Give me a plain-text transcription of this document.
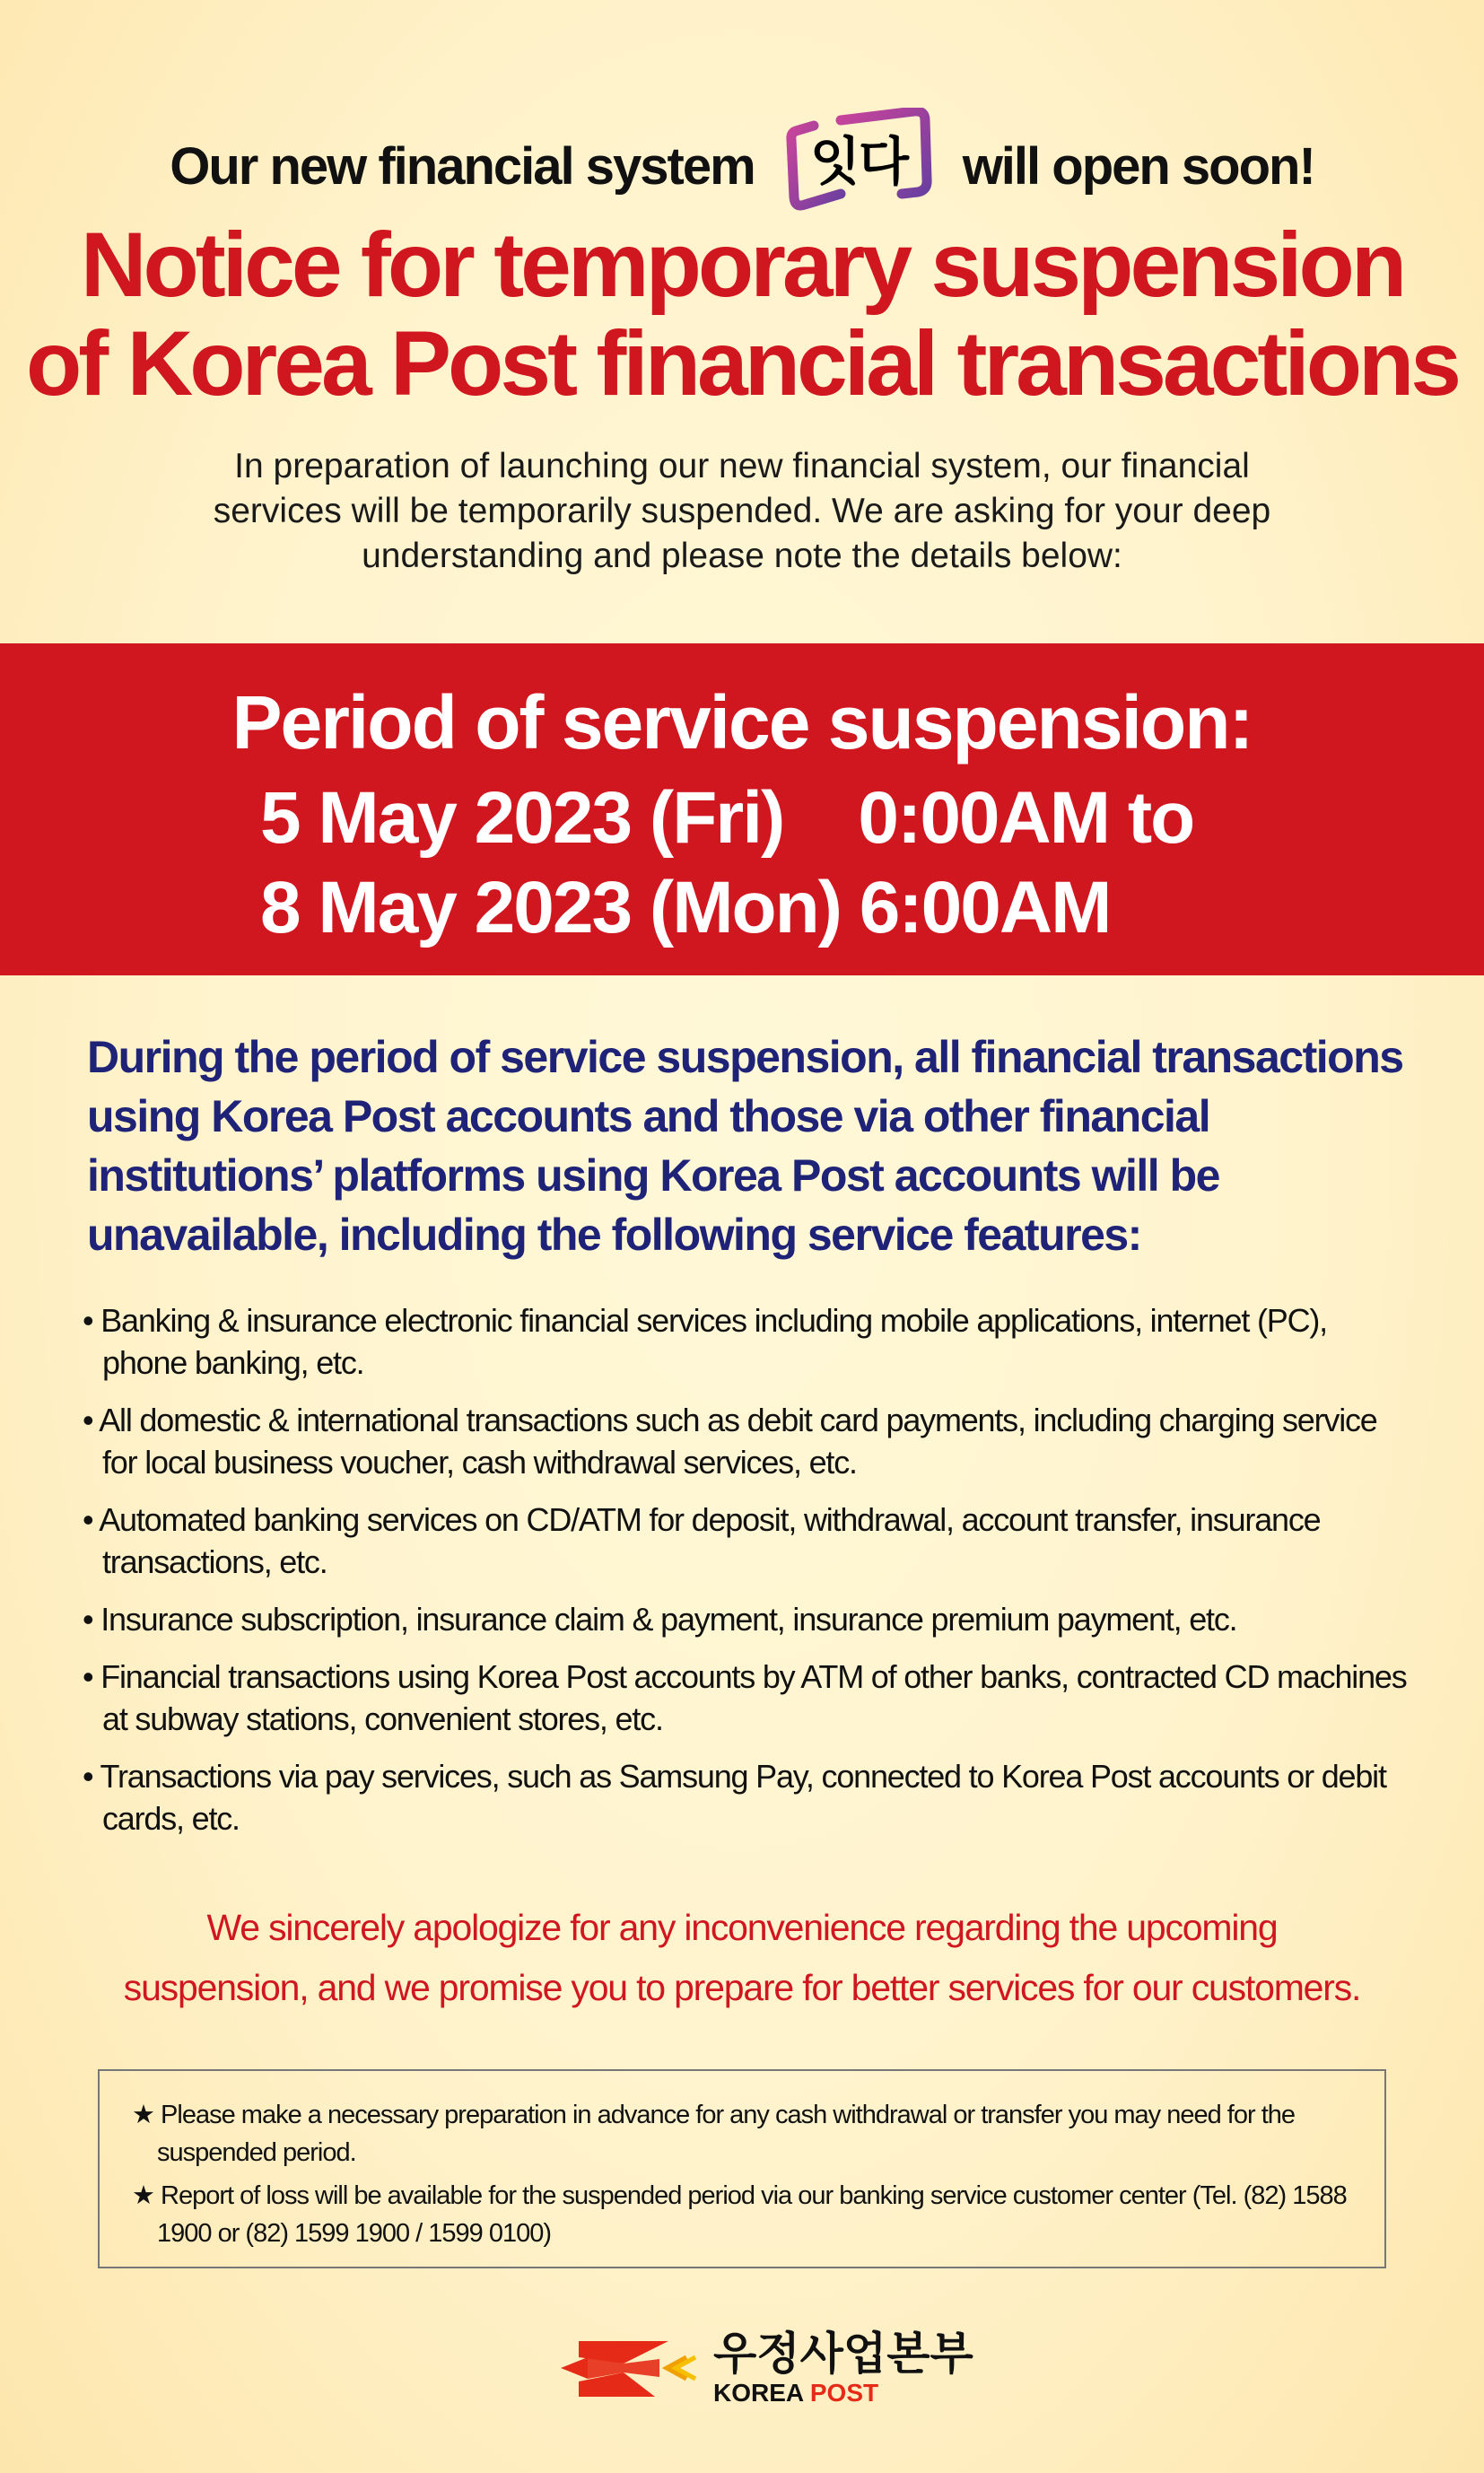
Our new financial system 잇다 will open soon!
Notice for temporary suspension
of Korea Post financial transactions
In preparation of launching our new financial system, our financial
services will be temporarily suspended. We are asking for your deep
understanding and please note the details below:
Period of service suspension:
5 May 2023 (Fri)    0:00AM to
8 May 2023 (Mon) 6:00AM
During the period of service suspension, all financial transactions using Korea Post accounts and those via other financial institutions’ platforms using Korea Post accounts will be unavailable, including the following service features:
• Banking & insurance electronic financial services including mobile applications, internet (PC), phone banking, etc.
• All domestic & international transactions such as debit card payments, including charging service for local business voucher, cash withdrawal services, etc.
• Automated banking services on CD/ATM for deposit, withdrawal, account transfer, insurance transactions, etc.
• Insurance subscription, insurance claim & payment, insurance premium payment, etc.
• Financial transactions using Korea Post accounts by ATM of other banks, contracted CD machines at subway stations, convenient stores, etc.
• Transactions via pay services, such as Samsung Pay, connected to Korea Post accounts or debit cards, etc.
We sincerely apologize for any inconvenience regarding the upcoming
suspension, and we promise you to prepare for better services for our customers.

★ Please make a necessary preparation in advance for any cash withdrawal or transfer you may need for the suspended period.

★ Report of loss will be available for the suspended period via our banking service customer center (Tel. (82) 1588 1900 or (82) 1599 1900 / 1599 0100)

우정사업본부
KOREA POST
